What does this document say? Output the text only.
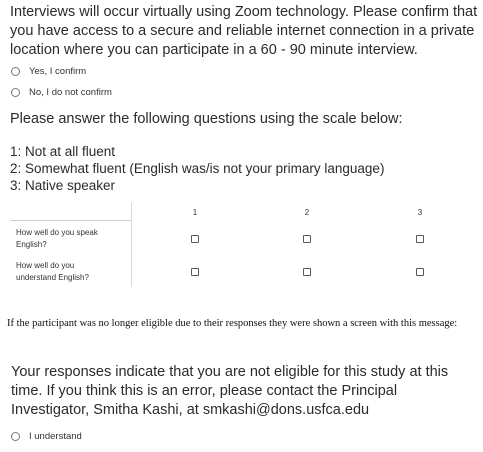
Interviews will occur virtually using Zoom technology. Please confirm that you have access to a secure and reliable internet connection in a private location where you can participate in a 60 - 90 minute interview.
Yes, I confirm
No, I do not confirm
Please answer the following questions using the scale below:
1: Not at all fluent
2: Somewhat fluent (English was/is not your primary language)
3: Native speaker
1	2	3
How well do you speak English?
How well do you understand English?
If the participant was no longer eligible due to their responses they were shown a screen with this message:
Your responses indicate that you are not eligible for this study at this time. If you think this is an error, please contact the Principal Investigator, Smitha Kashi, at smkashi@dons.usfca.edu
I understand
